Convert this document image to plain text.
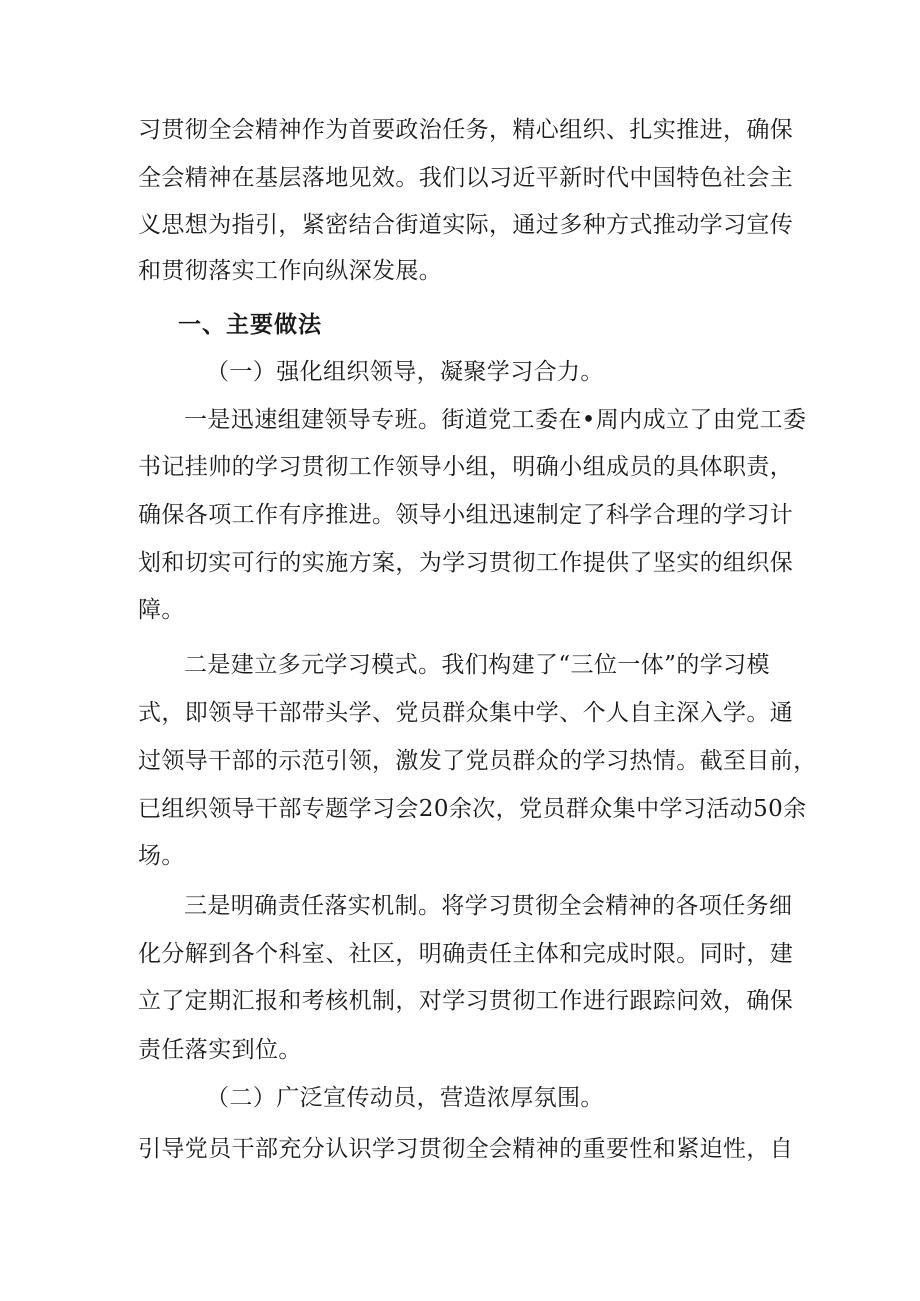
习贯彻全会精神作为首要政治任务，精心组织、扎实推进，确保
全会精神在基层落地见效。我们以习近平新时代中国特色社会主
义思想为指引，紧密结合街道实际，通过多种方式推动学习宣传
和贯彻落实工作向纵深发展。
一、主要做法
（一）强化组织领导，凝聚学习合力。
一是迅速组建领导专班。街道党工委在•周内成立了由党工委
书记挂帅的学习贯彻工作领导小组，明确小组成员的具体职责，
确保各项工作有序推进。领导小组迅速制定了科学合理的学习计
划和切实可行的实施方案，为学习贯彻工作提供了坚实的组织保
障。
二是建立多元学习模式。我们构建了“三位一体”的学习模
式，即领导干部带头学、党员群众集中学、个人自主深入学。通
过领导干部的示范引领，激发了党员群众的学习热情。截至目前，
已组织领导干部专题学习会20余次，党员群众集中学习活动50余
场。
三是明确责任落实机制。将学习贯彻全会精神的各项任务细
化分解到各个科室、社区，明确责任主体和完成时限。同时，建
立了定期汇报和考核机制，对学习贯彻工作进行跟踪问效，确保
责任落实到位。
（二）广泛宣传动员，营造浓厚氛围。
引导党员干部充分认识学习贯彻全会精神的重要性和紧迫性，自
